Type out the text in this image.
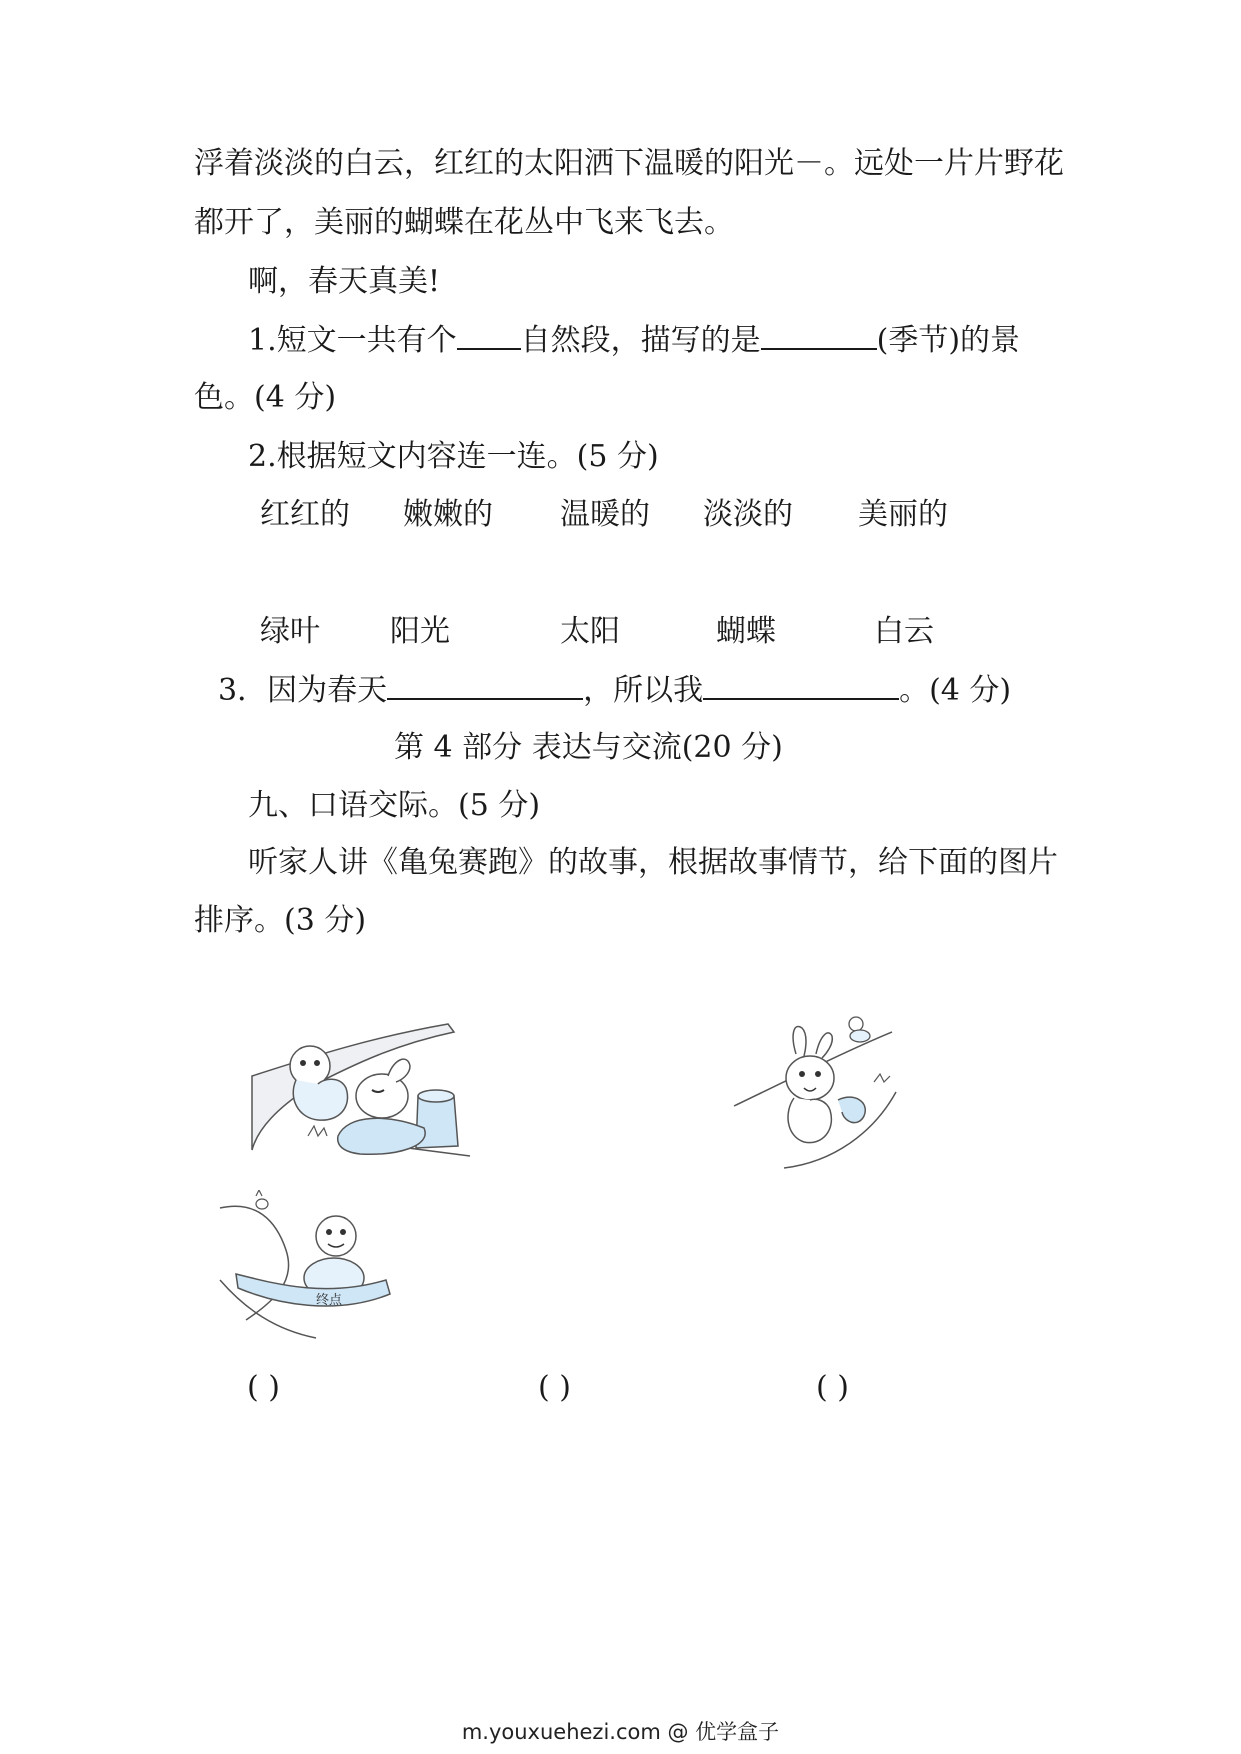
浮着淡淡的白云，红红的太阳洒下温暖的阳光－。远处一片片野花
都开了，美丽的蝴蝶在花丛中飞来飞去。
啊，春天真美!
1.短文一共有个 自然段，描写的是	(季节)的景
色。(4 分)
2.根据短文内容连一连。(5 分)
红红的 嫩嫩的 温暖的 淡淡的 美丽的
绿叶 阳光	太阳	蝴蝶	白云
3．因为春天	，所以我	。(4 分)
第 4 部分 表达与交流(20 分)
九、口语交际。(5 分)
听家人讲《亀兔赛跑》的故事，根据故事情节，给下面的图片
排序。(3 分)
终点
( )	( )	( )
m.youxuehezi.com @ 优学盒子
